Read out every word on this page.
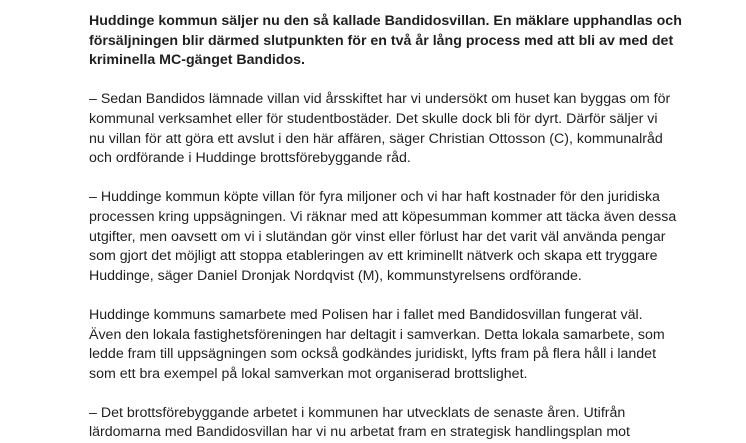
Huddinge kommun säljer nu den så kallade Bandidosvillan. En mäklare upphandlas och
försäljningen blir därmed slutpunkten för en två år lång process med att bli av med det
kriminella MC-gänget Bandidos.

– Sedan Bandidos lämnade villan vid årsskiftet har vi undersökt om huset kan byggas om för
kommunal verksamhet eller för studentbostäder. Det skulle dock bli för dyrt. Därför säljer vi
nu villan för att göra ett avslut i den här affären, säger Christian Ottosson (C), kommunalråd
och ordförande i Huddinge brottsförebyggande råd.

– Huddinge kommun köpte villan för fyra miljoner och vi har haft kostnader för den juridiska
processen kring uppsägningen. Vi räknar med att köpesumman kommer att täcka även dessa
utgifter, men oavsett om vi i slutändan gör vinst eller förlust har det varit väl använda pengar
som gjort det möjligt att stoppa etableringen av ett kriminellt nätverk och skapa ett tryggare
Huddinge, säger Daniel Dronjak Nordqvist (M), kommunstyrelsens ordförande.

Huddinge kommuns samarbete med Polisen har i fallet med Bandidosvillan fungerat väl.
Även den lokala fastighetsföreningen har deltagit i samverkan. Detta lokala samarbete, som
ledde fram till uppsägningen som också godkändes juridiskt, lyfts fram på flera håll i landet
som ett bra exempel på lokal samverkan mot organiserad brottslighet.

– Det brottsförebyggande arbetet i kommunen har utvecklats de senaste åren. Utifrån
lärdomarna med Bandidosvillan har vi nu arbetat fram en strategisk handlingsplan mot
